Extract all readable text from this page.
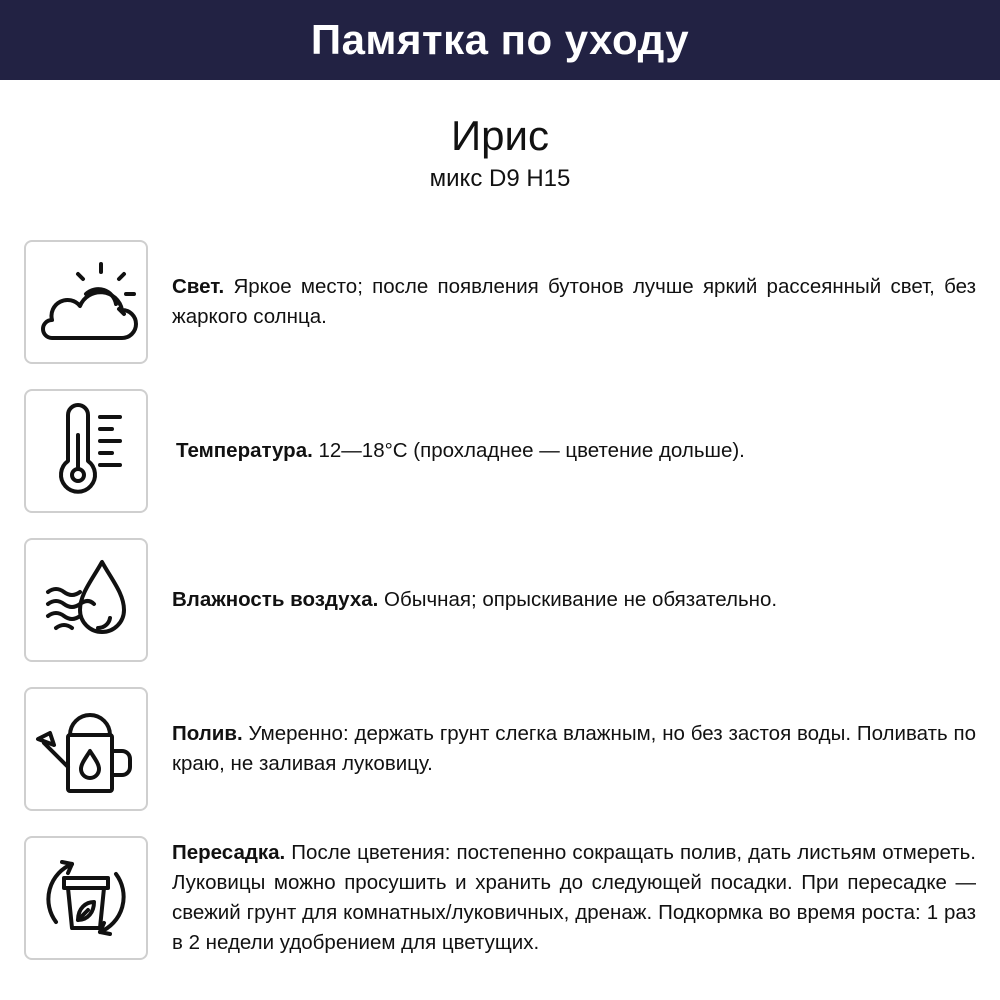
Памятка по уходу
Ирис
микс D9 H15
Свет. Яркое место; после появления бутонов лучше яркий рассеянный свет, без жаркого солнца.
Температура. 12—18°С (прохладнее — цветение дольше).
Влажность воздуха. Обычная; опрыскивание не обязательно.
Полив. Умеренно: держать грунт слегка влажным, но без застоя воды. Поливать по краю, не заливая луковицу.
Пересадка. После цветения: постепенно сокращать полив, дать листьям отмереть. Луковицы можно просушить и хранить до следующей посадки. При пересадке — свежий грунт для комнатных/луковичных, дренаж. Подкормка во время роста: 1 раз в 2 недели удобрением для цветущих.
